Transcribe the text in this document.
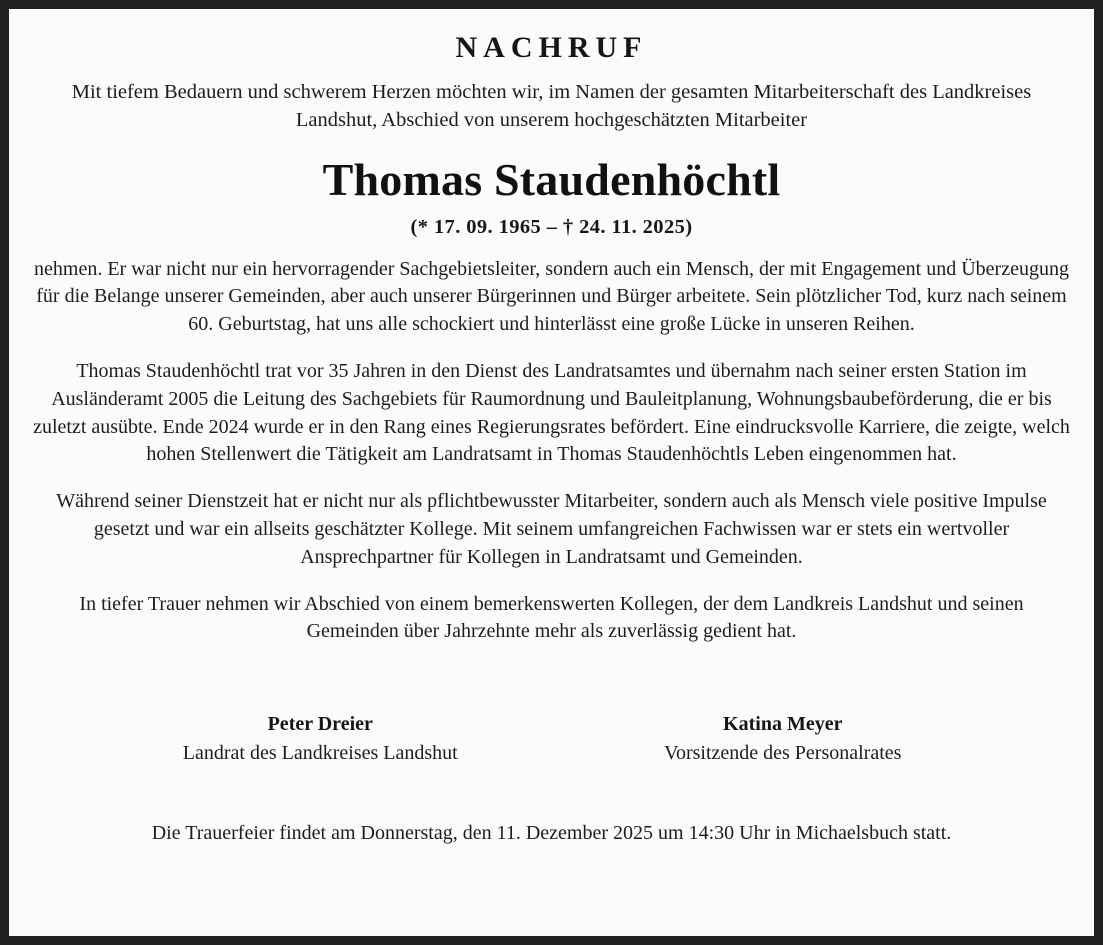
NACHRUF

Mit tiefem Bedauern und schwerem Herzen möchten wir, im Namen der gesamten Mitarbeiterschaft des Landkreises Landshut, Abschied von unserem hochgeschätzten Mitarbeiter

Thomas Staudenhöchtl

(* 17. 09. 1965 – † 24. 11. 2025)

nehmen. Er war nicht nur ein hervorragender Sachgebietsleiter, sondern auch ein Mensch, der mit Engagement und Überzeugung für die Belange unserer Gemeinden, aber auch unserer Bürgerinnen und Bürger arbeitete. Sein plötzlicher Tod, kurz nach seinem 60. Geburtstag, hat uns alle schockiert und hinterlässt eine große Lücke in unseren Reihen.

Thomas Staudenhöchtl trat vor 35 Jahren in den Dienst des Landratsamtes und übernahm nach seiner ersten Station im Ausländeramt 2005 die Leitung des Sachgebiets für Raumordnung und Bauleitplanung, Wohnungsbaubeförderung, die er bis zuletzt ausübte. Ende 2024 wurde er in den Rang eines Regierungsrates befördert. Eine eindrucksvolle Karriere, die zeigte, welch hohen Stellenwert die Tätigkeit am Landratsamt in Thomas Staudenhöchtls Leben eingenommen hat.

Während seiner Dienstzeit hat er nicht nur als pflichtbewusster Mitarbeiter, sondern auch als Mensch viele positive Impulse gesetzt und war ein allseits geschätzter Kollege. Mit seinem umfangreichen Fachwissen war er stets ein wertvoller Ansprechpartner für Kollegen in Landratsamt und Gemeinden.

In tiefer Trauer nehmen wir Abschied von einem bemerkenswerten Kollegen, der dem Landkreis Landshut und seinen Gemeinden über Jahrzehnte mehr als zuverlässig gedient hat.

Peter Dreier
Landrat des Landkreises Landshut
Katina Meyer
Vorsitzende des Personalrates

Die Trauerfeier findet am Donnerstag, den 11. Dezember 2025 um 14:30 Uhr in Michaelsbuch statt.
